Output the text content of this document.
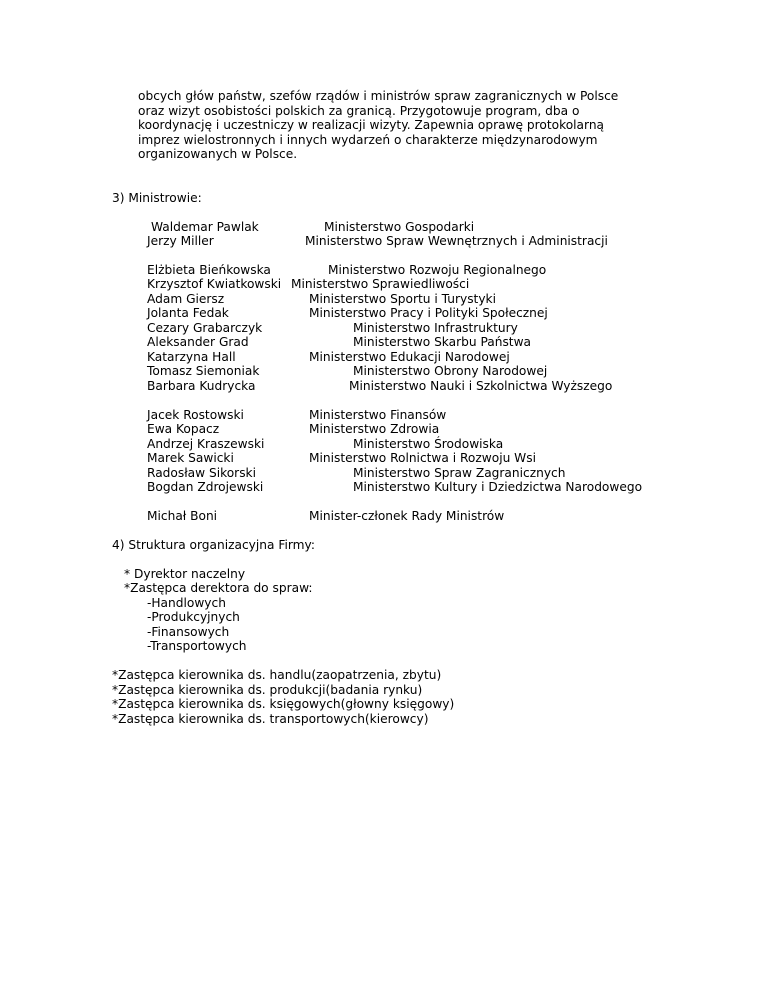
obcych głów państw, szefów rządów i ministrów spraw zagranicznych w Polsce
oraz wizyt osobistości polskich za granicą. Przygotowuje program, dba o
koordynację i uczestniczy w realizacji wizyty. Zapewnia oprawę protokolarną
imprez wielostronnych i innych wydarzeń o charakterze międzynarodowym
organizowanych w Polsce.
3) Ministrowie:
Waldemar Pawlak	Ministerstwo Gospodarki
Jerzy Miller	Ministerstwo Spraw Wewnętrznych i Administracji
Elżbieta Bieńkowska	Ministerstwo Rozwoju Regionalnego
Krzysztof Kwiatkowski Ministerstwo Sprawiedliwości
Adam Giersz	Ministerstwo Sportu i Turystyki
Jolanta Fedak	Ministerstwo Pracy i Polityki Społecznej
Cezary Grabarczyk	Ministerstwo Infrastruktury
Aleksander Grad	Ministerstwo Skarbu Państwa
Katarzyna Hall	Ministerstwo Edukacji Narodowej
Tomasz Siemoniak	Ministerstwo Obrony Narodowej
Barbara Kudrycka	Ministerstwo Nauki i Szkolnictwa Wyższego
Jacek Rostowski	Ministerstwo Finansów
Ewa Kopacz	Ministerstwo Zdrowia
Andrzej Kraszewski	Ministerstwo Środowiska
Marek Sawicki	Ministerstwo Rolnictwa i Rozwoju Wsi
Radosław Sikorski	Ministerstwo Spraw Zagranicznych
Bogdan Zdrojewski	Ministerstwo Kultury i Dziedzictwa Narodowego
Michał Boni	Minister-członek Rady Ministrów
4) Struktura organizacyjna Firmy:
* Dyrektor naczelny
*Zastępca derektora do spraw:
-Handlowych
-Produkcyjnych
-Finansowych
-Transportowych
*Zastępca kierownika ds. handlu(zaopatrzenia, zbytu)
*Zastępca kierownika ds. produkcji(badania rynku)
*Zastępca kierownika ds. księgowych(głowny księgowy)
*Zastępca kierownika ds. transportowych(kierowcy)
